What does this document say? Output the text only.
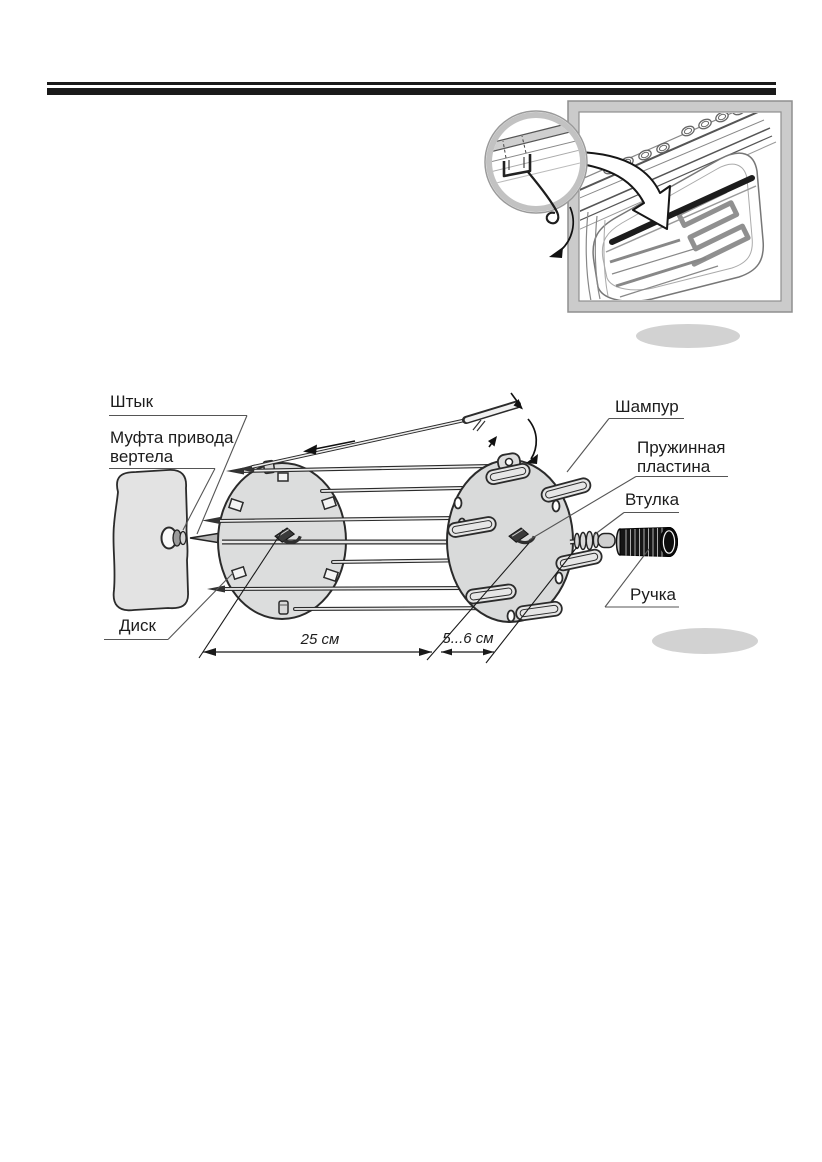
Штык
Муфта привода
вертела
Диск
Шампур
Пружинная
пластина
Втулка
Ручка
25 см	5...6 см
